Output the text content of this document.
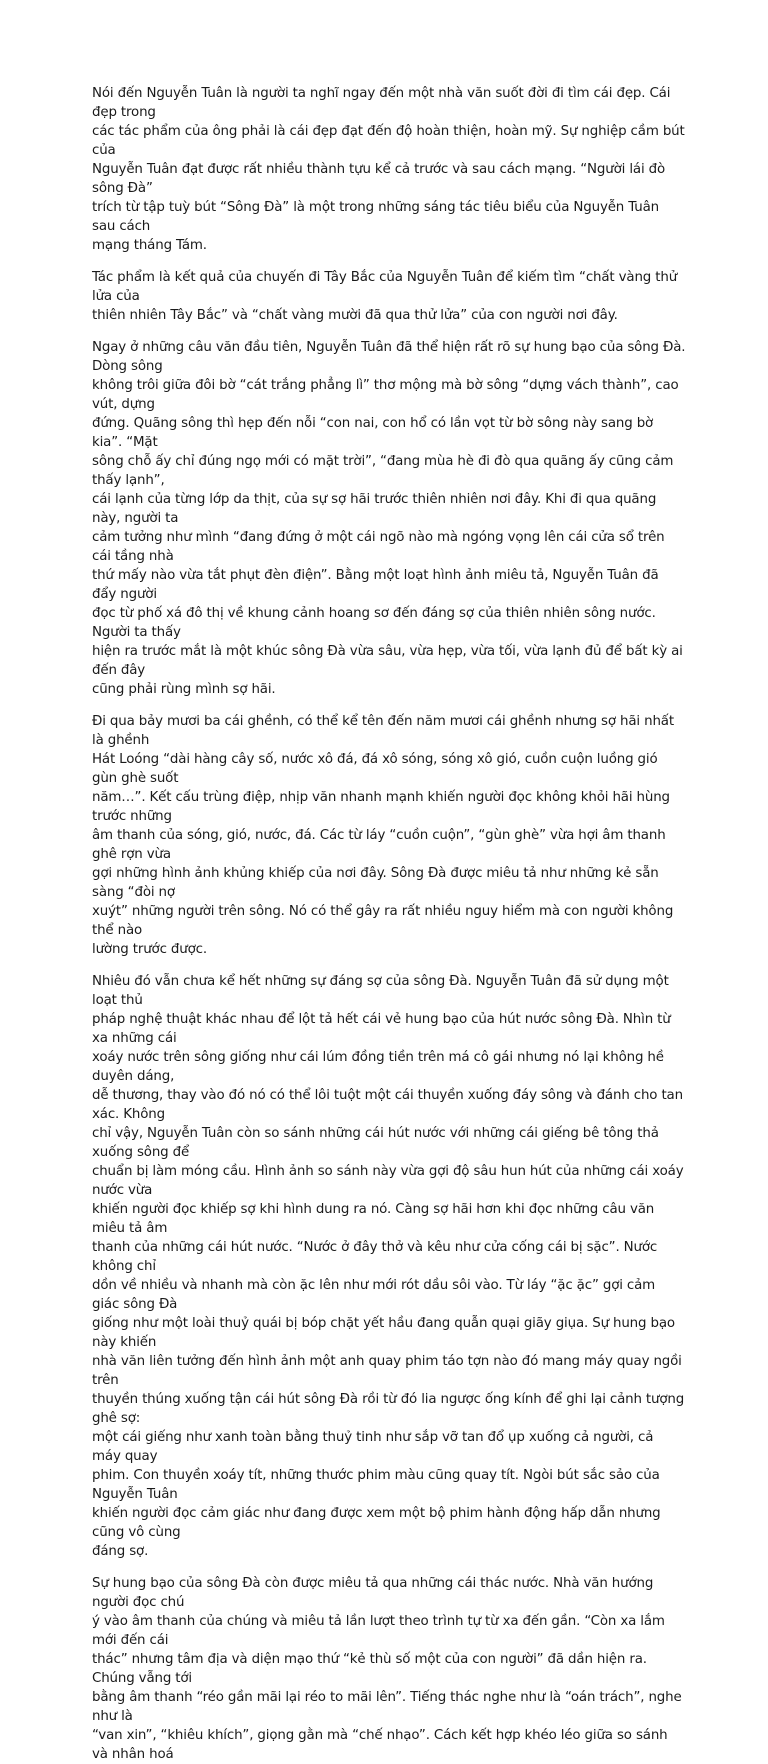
Nói đến Nguyễn Tuân là người ta nghĩ ngay đến một nhà văn suốt đời đi tìm cái đẹp. Cái đẹp trong
các tác phẩm của ông phải là cái đẹp đạt đến độ hoàn thiện, hoàn mỹ. Sự nghiệp cầm bút của
Nguyễn Tuân đạt được rất nhiều thành tựu kể cả trước và sau cách mạng. “Người lái đò sông Đà”
trích từ tập tuỳ bút “Sông Đà” là một trong những sáng tác tiêu biểu của Nguyễn Tuân sau cách
mạng tháng Tám.

Tác phẩm là kết quả của chuyến đi Tây Bắc của Nguyễn Tuân để kiếm tìm “chất vàng thử lửa của
thiên nhiên Tây Bắc” và “chất vàng mười đã qua thử lửa” của con người nơi đây.

Ngay ở những câu văn đầu tiên, Nguyễn Tuân đã thể hiện rất rõ sự hung bạo của sông Đà. Dòng sông
không trôi giữa đôi bờ “cát trắng phẳng lì” thơ mộng mà bờ sông “dựng vách thành”, cao vút, dựng
đứng. Quãng sông thì hẹp đến nỗi “con nai, con hổ có lần vọt từ bờ sông này sang bờ kia”. “Mặt
sông chỗ ấy chỉ đúng ngọ mới có mặt trời”, “đang mùa hè đi đò qua quãng ấy cũng cảm thấy lạnh”,
cái lạnh của từng lớp da thịt, của sự sợ hãi trước thiên nhiên nơi đây. Khi đi qua quãng này, người ta
cảm tưởng như mình “đang đứng ở một cái ngõ nào mà ngóng vọng lên cái cửa sổ trên cái tầng nhà
thứ mấy nào vừa tắt phụt đèn điện”. Bằng một loạt hình ảnh miêu tả, Nguyễn Tuân đã đẩy người
đọc từ phố xá đô thị về khung cảnh hoang sơ đến đáng sợ của thiên nhiên sông nước. Người ta thấy
hiện ra trước mắt là một khúc sông Đà vừa sâu, vừa hẹp, vừa tối, vừa lạnh đủ để bất kỳ ai đến đây
cũng phải rùng mình sợ hãi.

Đi qua bảy mươi ba cái ghềnh, có thể kể tên đến năm mươi cái ghềnh nhưng sợ hãi nhất là ghềnh
Hát Loóng “dài hàng cây số, nước xô đá, đá xô sóng, sóng xô gió, cuồn cuộn luồng gió gùn ghè suốt
năm…”. Kết cấu trùng điệp, nhịp văn nhanh mạnh khiến người đọc không khỏi hãi hùng trước những
âm thanh của sóng, gió, nước, đá. Các từ láy “cuồn cuộn”, “gùn ghè” vừa hợi âm thanh ghê rợn vừa
gợi những hình ảnh khủng khiếp của nơi đây. Sông Đà được miêu tả như những kẻ sẵn sàng “đòi nợ
xuýt” những người trên sông. Nó có thể gây ra rất nhiều nguy hiểm mà con người không thể nào
lường trước được.

Nhiêu đó vẫn chưa kể hết những sự đáng sợ của sông Đà. Nguyễn Tuân đã sử dụng một loạt thủ
pháp nghệ thuật khác nhau để lột tả hết cái vẻ hung bạo của hút nước sông Đà. Nhìn từ xa những cái
xoáy nước trên sông giống như cái lúm đồng tiền trên má cô gái nhưng nó lại không hề duyên dáng,
dễ thương, thay vào đó nó có thể lôi tuột một cái thuyền xuống đáy sông và đánh cho tan xác. Không
chỉ vậy, Nguyễn Tuân còn so sánh những cái hút nước với những cái giếng bê tông thả xuống sông để
chuẩn bị làm móng cầu. Hình ảnh so sánh này vừa gợi độ sâu hun hút của những cái xoáy nước vừa
khiến người đọc khiếp sợ khi hình dung ra nó. Càng sợ hãi hơn khi đọc những câu văn miêu tả âm
thanh của những cái hút nước. “Nước ở đây thở và kêu như cửa cống cái bị sặc”. Nước không chỉ
dồn về nhiều và nhanh mà còn ặc lên như mới rót dầu sôi vào. Từ láy “ặc ặc” gợi cảm giác sông Đà
giống như một loài thuỷ quái bị bóp chặt yết hầu đang quẫn quại giãy giụa. Sự hung bạo này khiến
nhà văn liên tưởng đến hình ảnh một anh quay phim táo tợn nào đó mang máy quay ngồi trên
thuyền thúng xuống tận cái hút sông Đà rồi từ đó lia ngược ống kính để ghi lại cảnh tượng ghê sợ:
một cái giếng như xanh toàn bằng thuỷ tinh như sắp vỡ tan đổ ụp xuống cả người, cả máy quay
phim. Con thuyền xoáy tít, những thước phim màu cũng quay tít. Ngòi bút sắc sảo của Nguyễn Tuân
khiến người đọc cảm giác như đang được xem một bộ phim hành động hấp dẫn nhưng cũng vô cùng
đáng sợ.

Sự hung bạo của sông Đà còn được miêu tả qua những cái thác nước. Nhà văn hướng người đọc chú
ý vào âm thanh của chúng và miêu tả lần lượt theo trình tự từ xa đến gần. “Còn xa lắm mới đến cái
thác” nhưng tâm địa và diện mạo thứ “kẻ thù số một của con người” đã dần hiện ra. Chúng vẫng tới
bằng âm thanh “réo gần mãi lại réo to mãi lên”. Tiếng thác nghe như là “oán trách”, nghe như là
“van xin”, “khiêu khích”, giọng gằn mà “chế nhạo”. Cách kết hợp khéo léo giữa so sánh và nhân hoá
